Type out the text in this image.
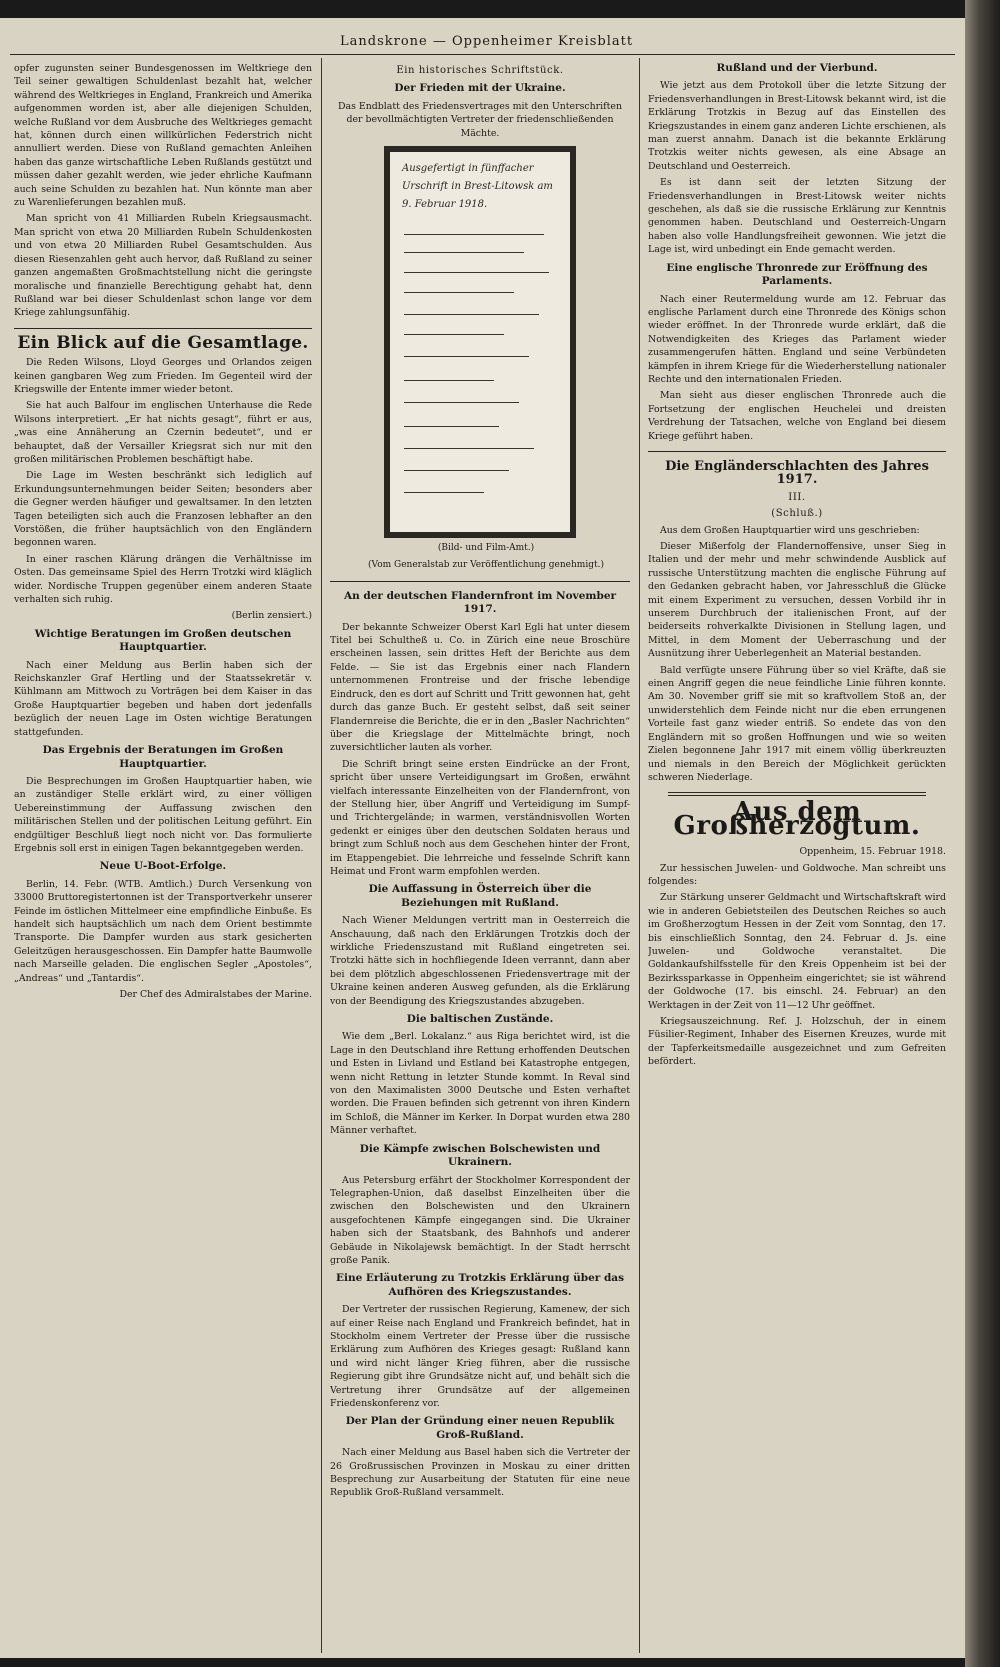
Landskrone — Oppenheimer Kreisblatt

opfer zugunsten seiner Bundesgenossen im Weltkriege den Teil seiner gewaltigen Schuldenlast bezahlt hat, welcher während des Weltkrieges in England, Frankreich und Amerika aufgenommen worden ist, aber alle diejenigen Schulden, welche Rußland vor dem Ausbruche des Weltkrieges gemacht hat, können durch einen willkürlichen Federstrich nicht annulliert werden. Diese von Rußland gemachten Anleihen haben das ganze wirtschaftliche Leben Rußlands gestützt und müssen daher gezahlt werden, wie jeder ehrliche Kaufmann auch seine Schulden zu bezahlen hat. Nun könnte man aber zu Warenlieferungen bezahlen muß.

Man spricht von 41 Milliarden Rubeln Kriegsausmacht. Man spricht von etwa 20 Milliarden Rubeln Schuldenkosten und von etwa 20 Milliarden Rubel Gesamtschulden. Aus diesen Riesenzahlen geht auch hervor, daß Rußland zu seiner ganzen angemaßten Großmachtstellung nicht die geringste moralische und finanzielle Berechtigung gehabt hat, denn Rußland war bei dieser Schuldenlast schon lange vor dem Kriege zahlungsunfähig.

Ein Blick auf die Gesamtlage.

Die Reden Wilsons, Lloyd Georges und Orlandos zeigen keinen gangbaren Weg zum Frieden. Im Gegenteil wird der Kriegswille der Entente immer wieder betont.

Sie hat auch Balfour im englischen Unterhause die Rede Wilsons interpretiert. „Er hat nichts gesagt“, führt er aus, „was eine Annäherung an Czernin bedeutet“, und er behauptet, daß der Versailler Kriegsrat sich nur mit den großen militärischen Problemen beschäftigt habe.

Die Lage im Westen beschränkt sich lediglich auf Erkundungsunternehmungen beider Seiten; besonders aber die Gegner werden häufiger und gewaltsamer. In den letzten Tagen beteiligten sich auch die Franzosen lebhafter an den Vorstößen, die früher hauptsächlich von den Engländern begonnen waren.

In einer raschen Klärung drängen die Verhältnisse im Osten. Das gemeinsame Spiel des Herrn Trotzki wird kläglich wider. Nordische Truppen gegenüber einem anderen Staate verhalten sich ruhig.

(Berlin zensiert.)

Wichtige Beratungen im Großen deutschen Hauptquartier.

Nach einer Meldung aus Berlin haben sich der Reichskanzler Graf Hertling und der Staatssekretär v. Kühlmann am Mittwoch zu Vorträgen bei dem Kaiser in das Große Hauptquartier begeben und haben dort jedenfalls bezüglich der neuen Lage im Osten wichtige Beratungen stattgefunden.

Das Ergebnis der Beratungen im Großen Hauptquartier.

Die Besprechungen im Großen Hauptquartier haben, wie an zuständiger Stelle erklärt wird, zu einer völligen Uebereinstimmung der Auffassung zwischen den militärischen Stellen und der politischen Leitung geführt. Ein endgültiger Beschluß liegt noch nicht vor. Das formulierte Ergebnis soll erst in einigen Tagen bekanntgegeben werden.

Neue U-Boot-Erfolge.

Berlin, 14. Febr. (WTB. Amtlich.) Durch Versenkung von 33000 Bruttoregistertonnen ist der Transportverkehr unserer Feinde im östlichen Mittelmeer eine empfindliche Einbuße. Es handelt sich hauptsächlich um nach dem Orient bestimmte Transporte. Die Dampfer wurden aus stark gesicherten Geleitzügen herausgeschossen. Ein Dampfer hatte Baumwolle nach Marseille geladen. Die englischen Segler „Apostoles“, „Andreas“ und „Tantardis“.

Der Chef des Admiralstabes der Marine.

Ein historisches Schriftstück.
Der Frieden mit der Ukraine.

Das Endblatt des Friedensvertrages mit den Unterschriften der bevollmächtigten Vertreter der friedenschließenden Mächte.

Ausgefertigt in fünffacher
Urschrift in Brest-Litowsk am
9. Februar 1918.

(Bild- und Film-Amt.)

(Vom Generalstab zur Veröffentlichung genehmigt.)

An der deutschen Flandernfront im November 1917.

Der bekannte Schweizer Oberst Karl Egli hat unter diesem Titel bei Schultheß u. Co. in Zürich eine neue Broschüre erscheinen lassen, sein drittes Heft der Berichte aus dem Felde. — Sie ist das Ergebnis einer nach Flandern unternommenen Frontreise und der frische lebendige Eindruck, den es dort auf Schritt und Tritt gewonnen hat, geht durch das ganze Buch. Er gesteht selbst, daß seit seiner Flandernreise die Berichte, die er in den „Basler Nachrichten“ über die Kriegslage der Mittelmächte bringt, noch zuversichtlicher lauten als vorher.

Die Schrift bringt seine ersten Eindrücke an der Front, spricht über unsere Verteidigungsart im Großen, erwähnt vielfach interessante Einzelheiten von der Flandernfront, von der Stellung hier, über Angriff und Verteidigung im Sumpf- und Trichtergelände; in warmen, verständnisvollen Worten gedenkt er einiges über den deutschen Soldaten heraus und bringt zum Schluß noch aus dem Geschehen hinter der Front, im Etappengebiet. Die lehrreiche und fesselnde Schrift kann Heimat und Front warm empfohlen werden.

Die Auffassung in Österreich über die Beziehungen mit Rußland.

Nach Wiener Meldungen vertritt man in Oesterreich die Anschauung, daß nach den Erklärungen Trotzkis doch der wirkliche Friedenszustand mit Rußland eingetreten sei. Trotzki hätte sich in hochfliegende Ideen verrannt, dann aber bei dem plötzlich abgeschlossenen Friedensvertrage mit der Ukraine keinen anderen Ausweg gefunden, als die Erklärung von der Beendigung des Kriegszustandes abzugeben.

Die baltischen Zustände.

Wie dem „Berl. Lokalanz.“ aus Riga berichtet wird, ist die Lage in den Deutschland ihre Rettung erhoffenden Deutschen und Esten in Livland und Estland bei Katastrophe entgegen, wenn nicht Rettung in letzter Stunde kommt. In Reval sind von den Maximalisten 3000 Deutsche und Esten verhaftet worden. Die Frauen befinden sich getrennt von ihren Kindern im Schloß, die Männer im Kerker. In Dorpat wurden etwa 280 Männer verhaftet.

Die Kämpfe zwischen Bolschewisten und Ukrainern.

Aus Petersburg erfährt der Stockholmer Korrespondent der Telegraphen-Union, daß daselbst Einzelheiten über die zwischen den Bolschewisten und den Ukrainern ausgefochtenen Kämpfe eingegangen sind. Die Ukrainer haben sich der Staatsbank, des Bahnhofs und anderer Gebäude in Nikolajewsk bemächtigt. In der Stadt herrscht große Panik.

Eine Erläuterung zu Trotzkis Erklärung über das Aufhören des Kriegszustandes.

Der Vertreter der russischen Regierung, Kamenew, der sich auf einer Reise nach England und Frankreich befindet, hat in Stockholm einem Vertreter der Presse über die russische Erklärung zum Aufhören des Krieges gesagt: Rußland kann und wird nicht länger Krieg führen, aber die russische Regierung gibt ihre Grundsätze nicht auf, und behält sich die Vertretung ihrer Grundsätze auf der allgemeinen Friedenskonferenz vor.

Der Plan der Gründung einer neuen Republik Groß-Rußland.

Nach einer Meldung aus Basel haben sich die Vertreter der 26 Großrussischen Provinzen in Moskau zu einer dritten Besprechung zur Ausarbeitung der Statuten für eine neue Republik Groß-Rußland versammelt.

Rußland und der Vierbund.

Wie jetzt aus dem Protokoll über die letzte Sitzung der Friedensverhandlungen in Brest-Litowsk bekannt wird, ist die Erklärung Trotzkis in Bezug auf das Einstellen des Kriegszustandes in einem ganz anderen Lichte erschienen, als man zuerst annahm. Danach ist die bekannte Erklärung Trotzkis weiter nichts gewesen, als eine Absage an Deutschland und Oesterreich.

Es ist dann seit der letzten Sitzung der Friedensverhandlungen in Brest-Litowsk weiter nichts geschehen, als daß sie die russische Erklärung zur Kenntnis genommen haben. Deutschland und Oesterreich-Ungarn haben also volle Handlungsfreiheit gewonnen. Wie jetzt die Lage ist, wird unbedingt ein Ende gemacht werden.

Eine englische Thronrede zur Eröffnung des Parlaments.

Nach einer Reutermeldung wurde am 12. Februar das englische Parlament durch eine Thronrede des Königs schon wieder eröffnet. In der Thronrede wurde erklärt, daß die Notwendigkeiten des Krieges das Parlament wieder zusammengerufen hätten. England und seine Verbündeten kämpfen in ihrem Kriege für die Wiederherstellung nationaler Rechte und den internationalen Frieden.

Man sieht aus dieser englischen Thronrede auch die Fortsetzung der englischen Heuchelei und dreisten Verdrehung der Tatsachen, welche von England bei diesem Kriege geführt haben.

Die Engländerschlachten des Jahres 1917.
III.
(Schluß.)

Aus dem Großen Hauptquartier wird uns geschrieben:

Dieser Mißerfolg der Flandernoffensive, unser Sieg in Italien und der mehr und mehr schwindende Ausblick auf russische Unterstützung machten die englische Führung auf den Gedanken gebracht haben, vor Jahresschluß die Glücke mit einem Experiment zu versuchen, dessen Vorbild ihr in unserem Durchbruch der italienischen Front, auf der beiderseits rohverkalkte Divisionen in Stellung lagen, und Mittel, in dem Moment der Ueberraschung und der Ausnützung ihrer Ueberlegenheit an Material bestanden.

Bald verfügte unsere Führung über so viel Kräfte, daß sie einen Angriff gegen die neue feindliche Linie führen konnte. Am 30. November griff sie mit so kraftvollem Stoß an, der unwiderstehlich dem Feinde nicht nur die eben errungenen Vorteile fast ganz wieder entriß. So endete das von den Engländern mit so großen Hoffnungen und wie so weiten Zielen begonnene Jahr 1917 mit einem völlig überkreuzten und niemals in den Bereich der Möglichkeit gerückten schweren Niederlage.

Aus dem Großherzogtum.

Oppenheim, 15. Februar 1918.

Zur hessischen Juwelen- und Goldwoche. Man schreibt uns folgendes:

Zur Stärkung unserer Geldmacht und Wirtschaftskraft wird wie in anderen Gebietsteilen des Deutschen Reiches so auch im Großherzogtum Hessen in der Zeit vom Sonntag, den 17. bis einschließlich Sonntag, den 24. Februar d. Js. eine Juwelen- und Goldwoche veranstaltet. Die Goldankaufshilfsstelle für den Kreis Oppenheim ist bei der Bezirkssparkasse in Oppenheim eingerichtet; sie ist während der Goldwoche (17. bis einschl. 24. Februar) an den Werktagen in der Zeit von 11—12 Uhr geöffnet.

Kriegsauszeichnung. Ref. J. Holzschuh, der in einem Füsilier-Regiment, Inhaber des Eisernen Kreuzes, wurde mit der Tapferkeitsmedaille ausgezeichnet und zum Gefreiten befördert.
